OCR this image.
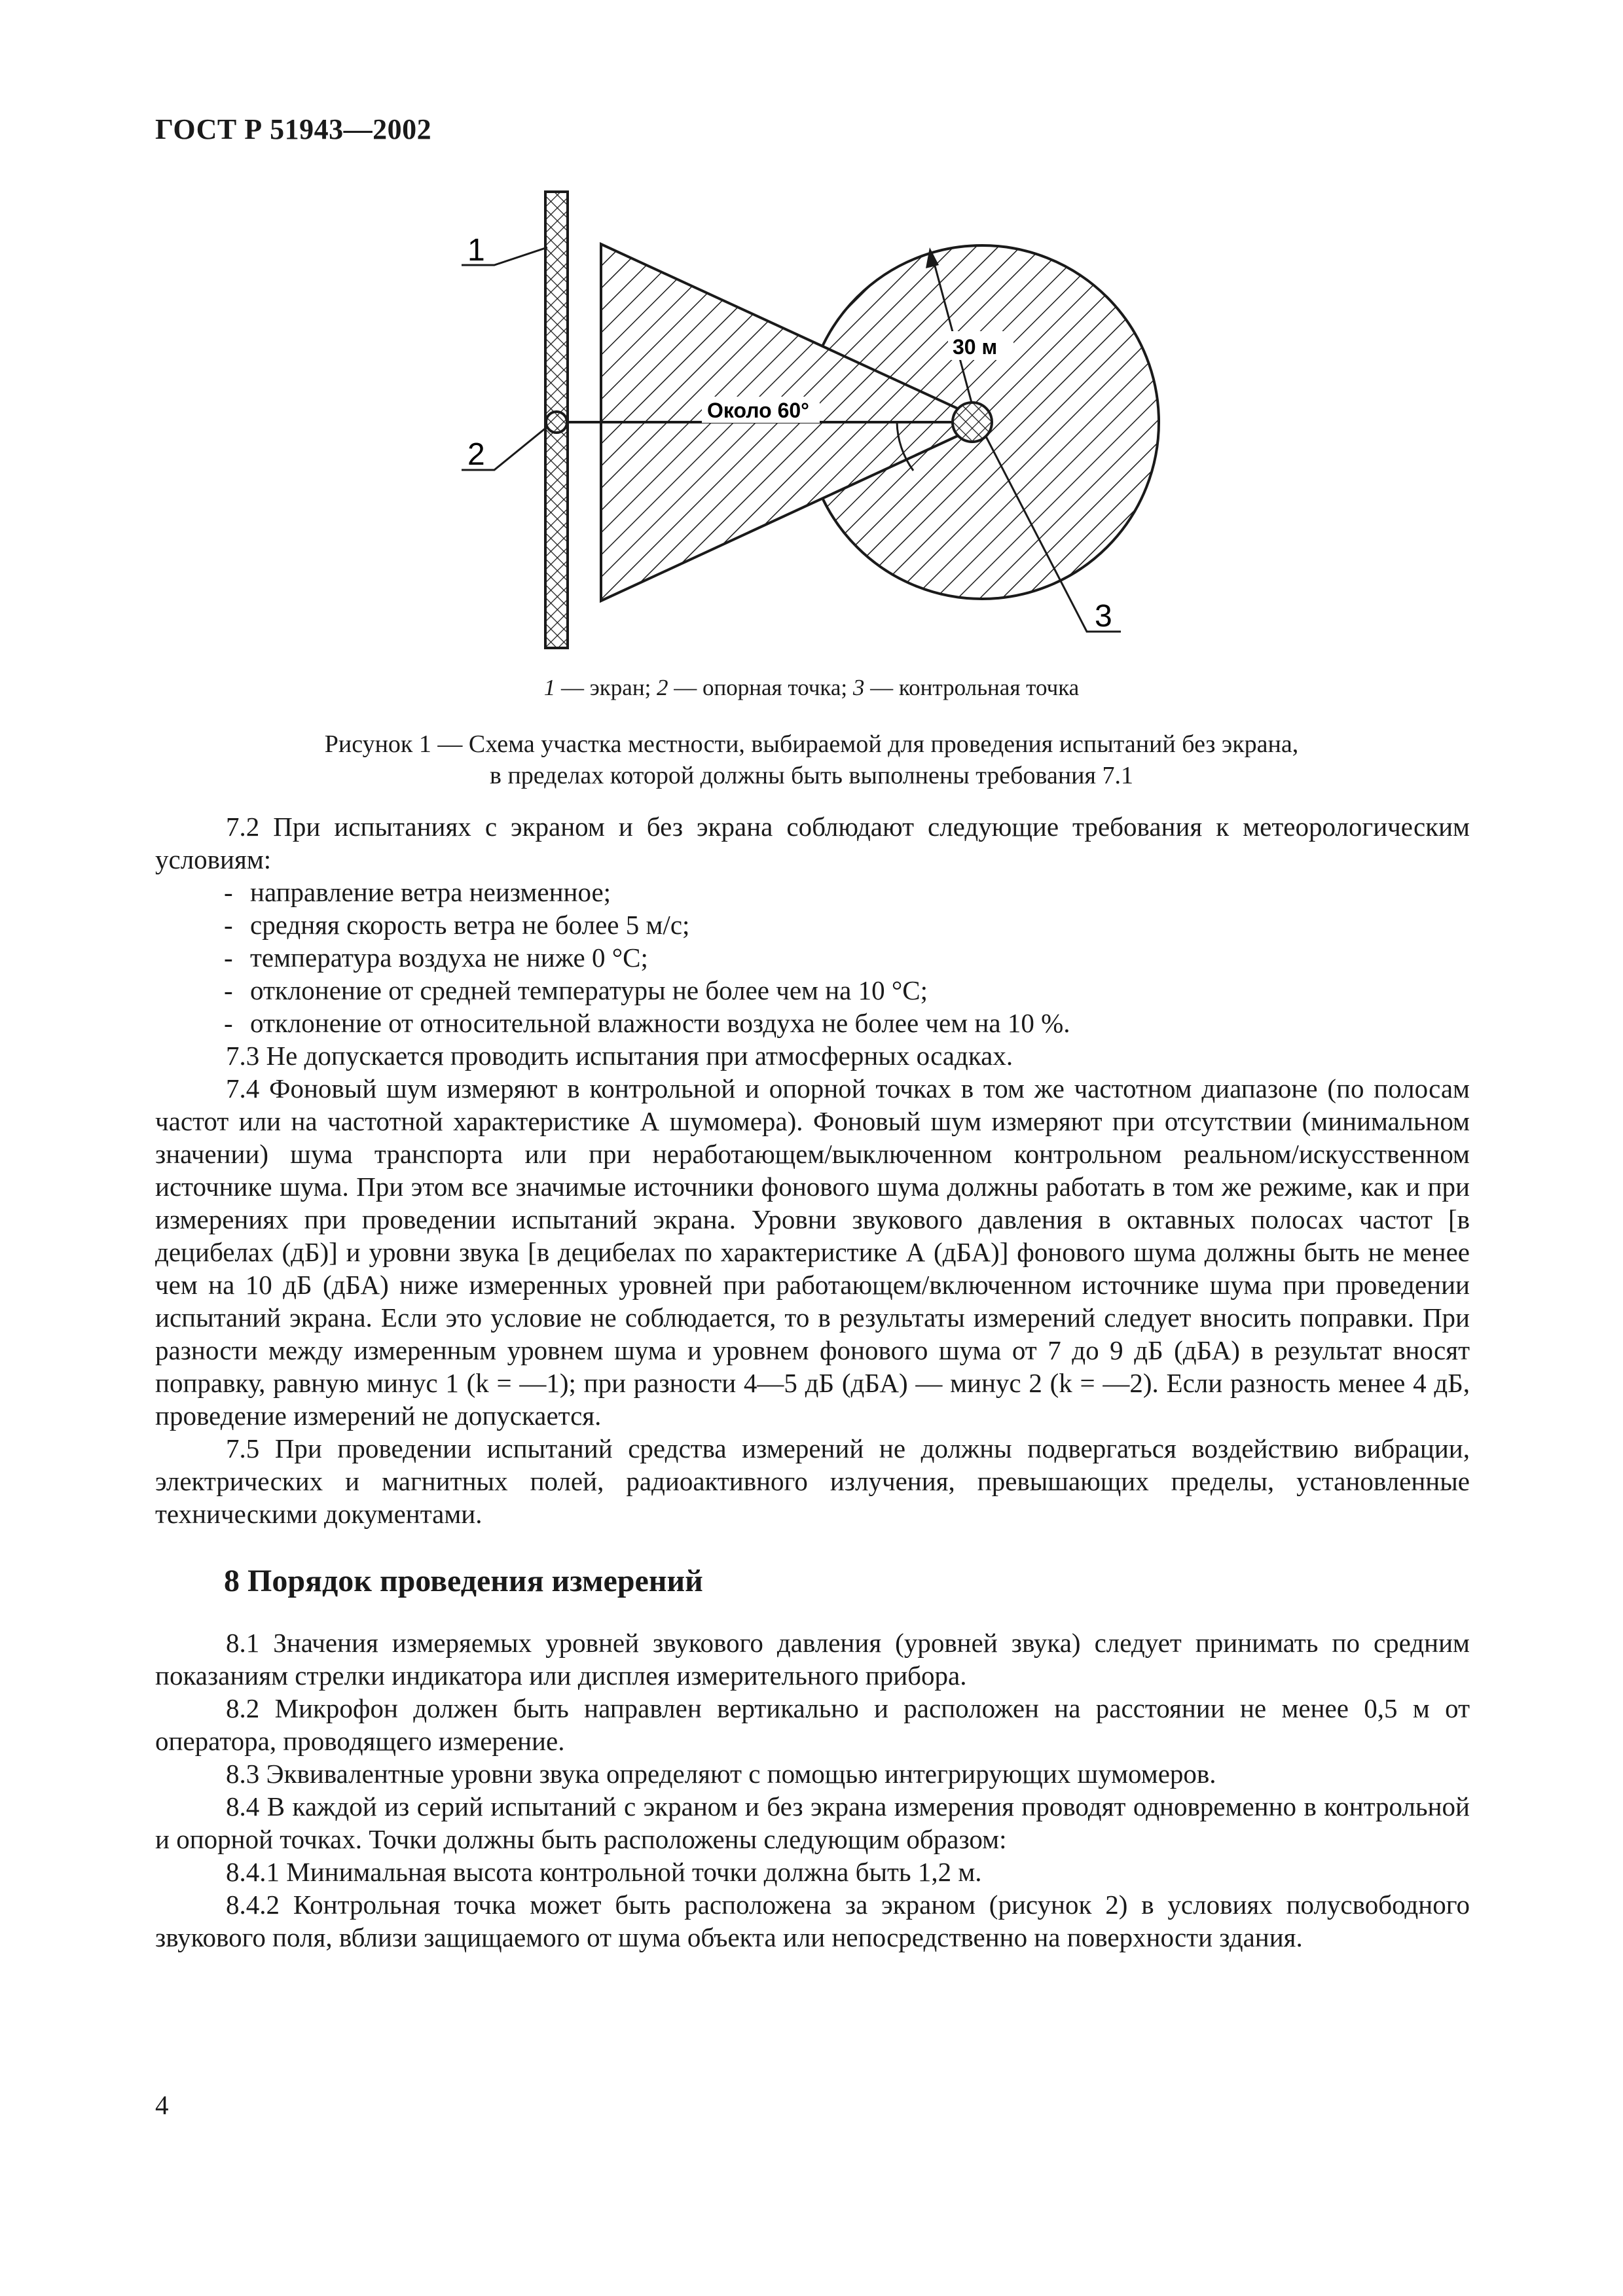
ГОСТ Р 51943—2002
1
2
3
30 м
Около 60°
1 — экран; 2 — опорная точка; 3 — контрольная точка
Рисунок 1 — Схема участка местности, выбираемой для проведения испытаний без экрана,
в пределах которой должны быть выполнены требования 7.1

7.2 При испытаниях с экраном и без экрана соблюдают следующие требования к метеорологическим условиям:

- направление ветра неизменное;

- средняя скорость ветра не более 5 м/с;

- температура воздуха не ниже 0 °С;

- отклонение от средней температуры не более чем на 10 °С;

- отклонение от относительной влажности воздуха не более чем на 10 %.

7.3 Не допускается проводить испытания при атмосферных осадках.

7.4 Фоновый шум измеряют в контрольной и опорной точках в том же частотном диапазоне (по полосам частот или на частотной характеристике А шумомера). Фоновый шум измеряют при отсутствии (минимальном значении) шума транспорта или при неработающем/выключенном контрольном реальном/искусственном источнике шума. При этом все значимые источники фонового шума должны работать в том же режиме, как и при измерениях при проведении испытаний экрана. Уровни звукового давления в октавных полосах частот [в децибелах (дБ)] и уровни звука [в децибелах по характеристике А (дБА)] фонового шума должны быть не менее чем на 10 дБ (дБА) ниже измеренных уровней при работающем/включенном источнике шума при проведении испытаний экрана. Если это условие не соблюдается, то в результаты измерений следует вносить поправки. При разности между измеренным уровнем шума и уровнем фонового шума от 7 до 9 дБ (дБА) в результат вносят поправку, равную минус 1 (k = —1); при разности 4—5 дБ (дБА) — минус 2 (k = —2). Если разность менее 4 дБ, проведение измерений не допускается.

7.5 При проведении испытаний средства измерений не должны подвергаться воздействию вибрации, электрических и магнитных полей, радиоактивного излучения, превышающих пределы, установленные техническими документами.

8 Порядок проведения измерений

8.1 Значения измеряемых уровней звукового давления (уровней звука) следует принимать по средним показаниям стрелки индикатора или дисплея измерительного прибора.

8.2 Микрофон должен быть направлен вертикально и расположен на расстоянии не менее 0,5 м от оператора, проводящего измерение.

8.3 Эквивалентные уровни звука определяют с помощью интегрирующих шумомеров.

8.4 В каждой из серий испытаний с экраном и без экрана измерения проводят одновременно в контрольной и опорной точках. Точки должны быть расположены следующим образом:

8.4.1 Минимальная высота контрольной точки должна быть 1,2 м.

8.4.2 Контрольная точка может быть расположена за экраном (рисунок 2) в условиях полусвободного звукового поля, вблизи защищаемого от шума объекта или непосредственно на поверхности здания.

4
